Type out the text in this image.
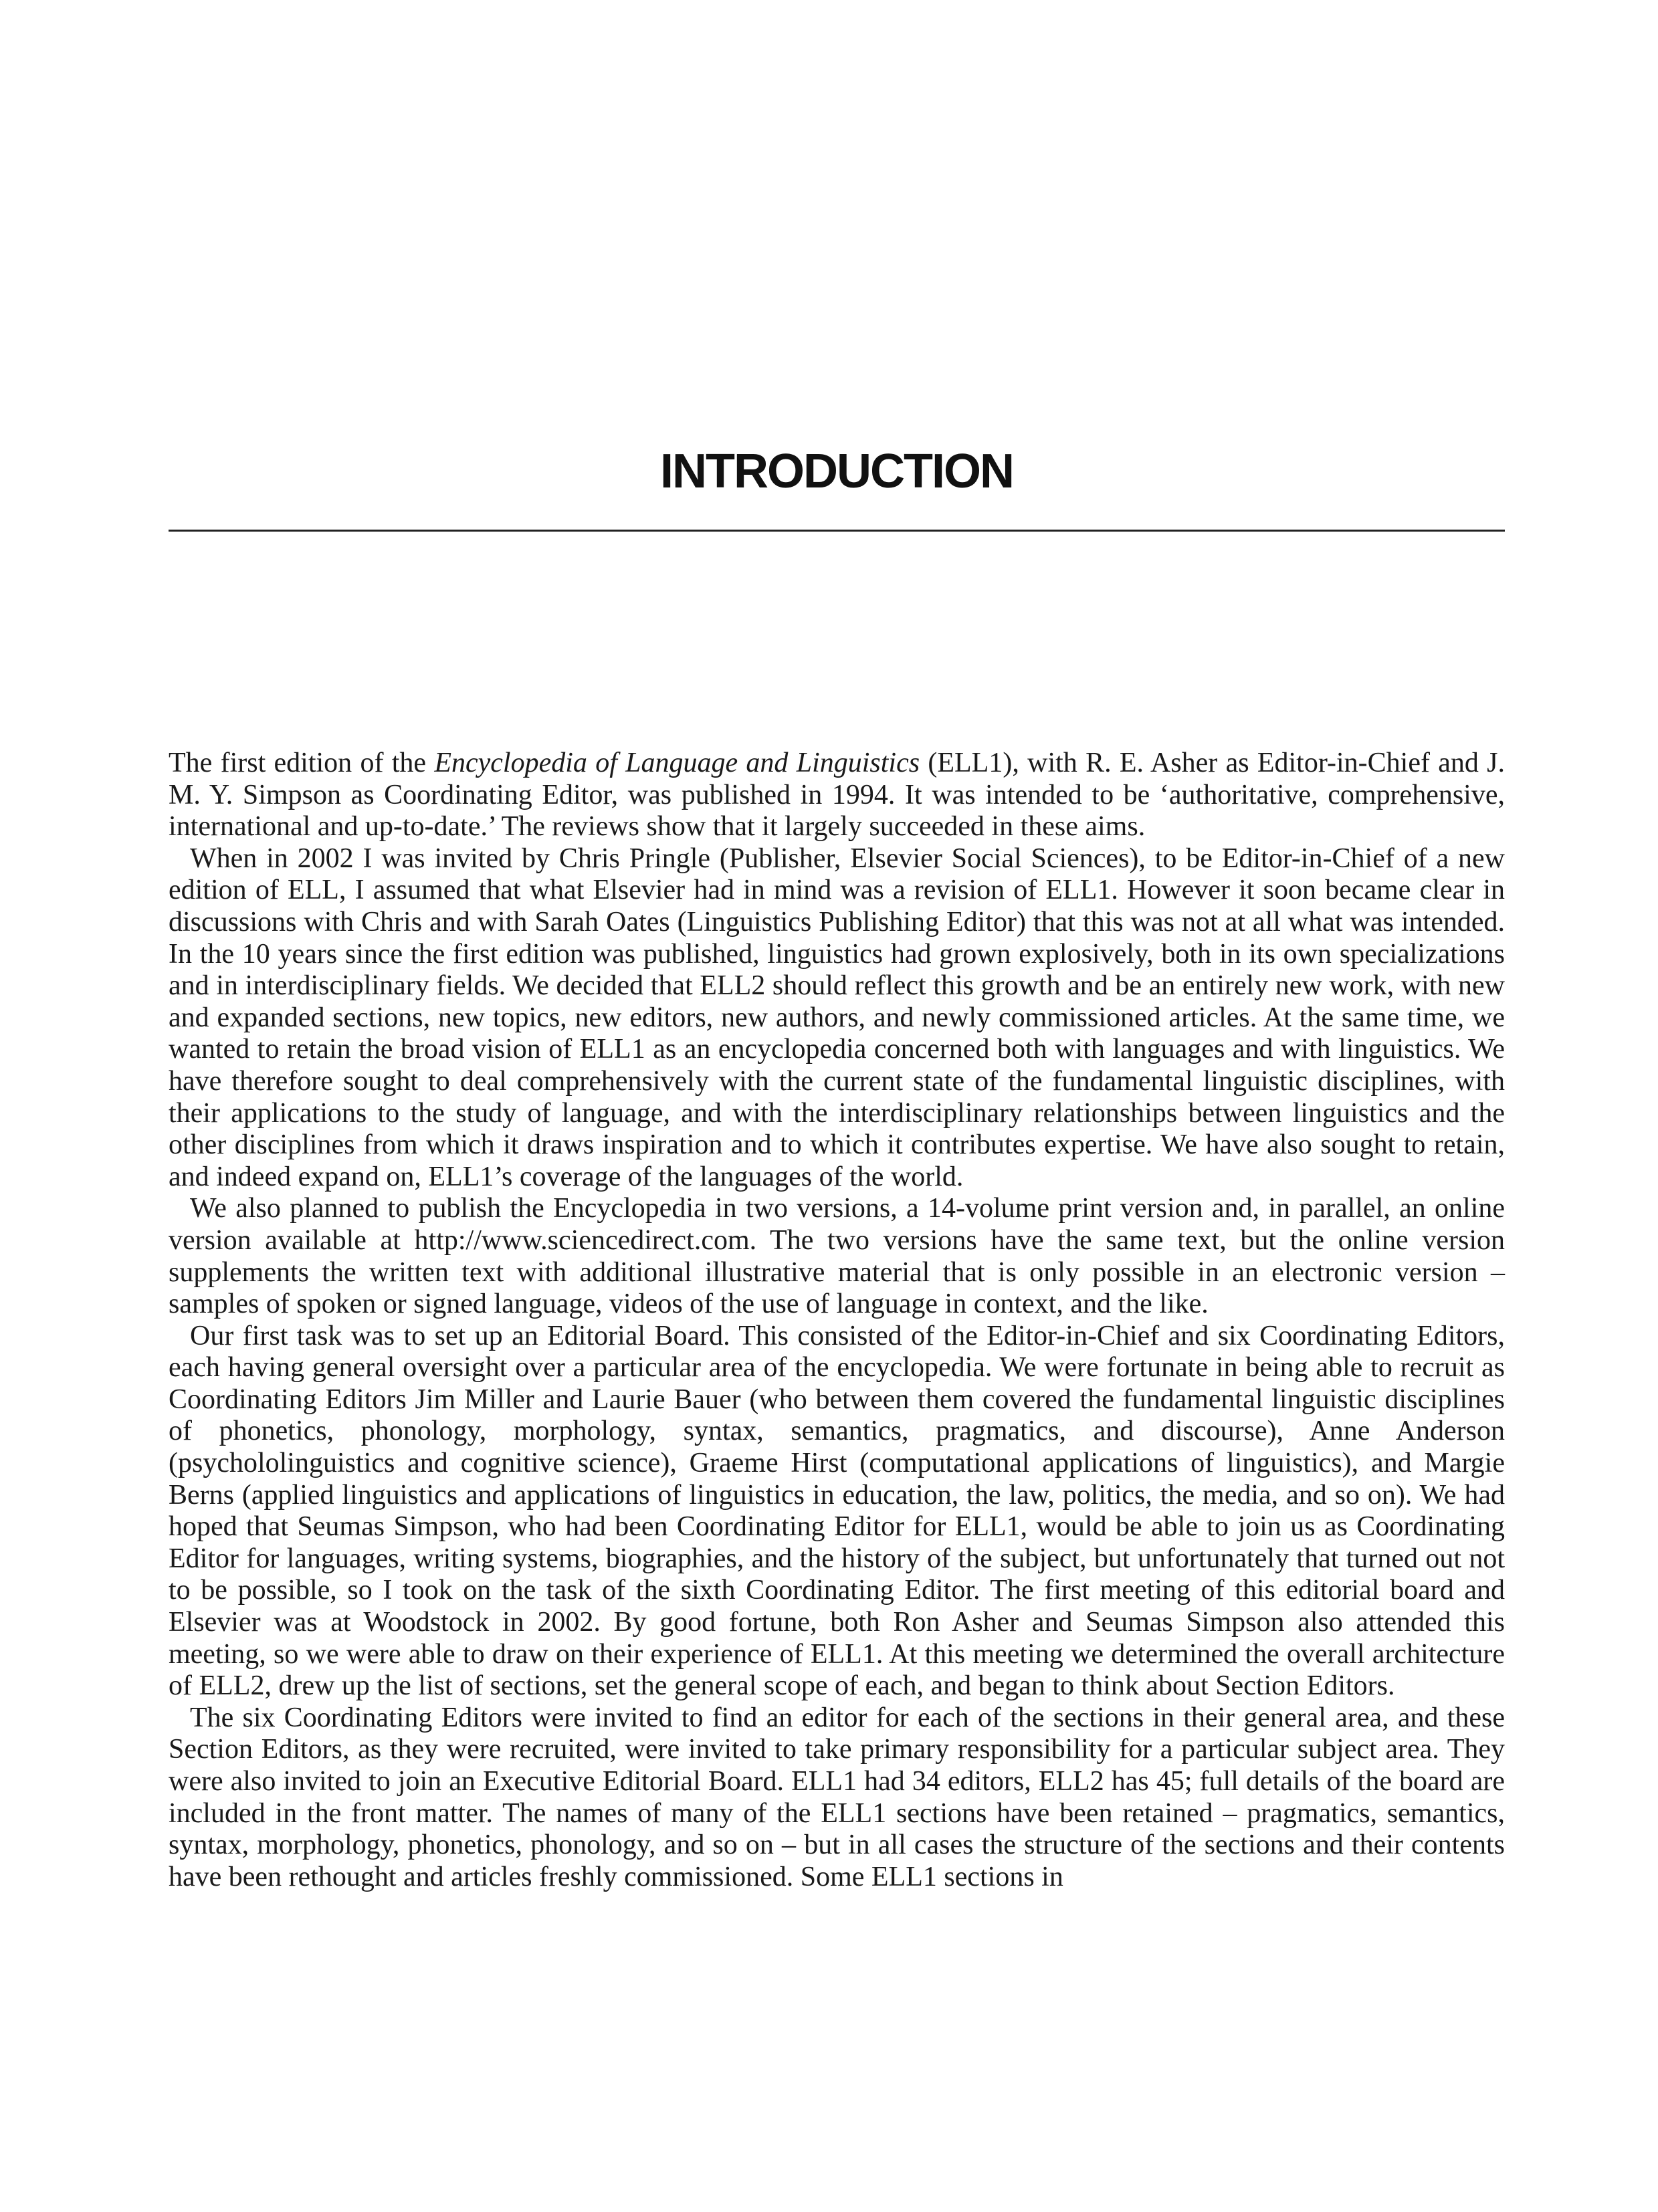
INTRODUCTION

The first edition of the Encyclopedia of Language and Linguistics (ELL1), with R. E. Asher as Editor-in-Chief and J. M. Y. Simpson as Coordinating Editor, was published in 1994. It was intended to be ‘authoritative, comprehensive, international and up-to-date.’ The reviews show that it largely succeeded in these aims.

When in 2002 I was invited by Chris Pringle (Publisher, Elsevier Social Sciences), to be Editor-in-Chief of a new edition of ELL, I assumed that what Elsevier had in mind was a revision of ELL1. However it soon became clear in discussions with Chris and with Sarah Oates (Linguistics Publishing Editor) that this was not at all what was intended. In the 10 years since the first edition was published, linguistics had grown explosively, both in its own specializations and in interdisciplinary fields. We decided that ELL2 should reflect this growth and be an entirely new work, with new and expanded sections, new topics, new editors, new authors, and newly commissioned articles. At the same time, we wanted to retain the broad vision of ELL1 as an encyclopedia concerned both with languages and with linguistics. We have therefore sought to deal comprehensively with the current state of the fundamental linguistic disciplines, with their applications to the study of language, and with the interdisciplinary relationships between linguistics and the other disciplines from which it draws inspiration and to which it contributes expertise. We have also sought to retain, and indeed expand on, ELL1’s coverage of the languages of the world.

We also planned to publish the Encyclopedia in two versions, a 14-volume print version and, in parallel, an online version available at http://www.sciencedirect.com. The two versions have the same text, but the online version supplements the written text with additional illustrative material that is only possible in an electronic version – samples of spoken or signed language, videos of the use of language in context, and the like.

Our first task was to set up an Editorial Board. This consisted of the Editor-in-Chief and six Coordinating Editors, each having general oversight over a particular area of the encyclopedia. We were fortunate in being able to recruit as Coordinating Editors Jim Miller and Laurie Bauer (who between them covered the fundamental linguistic disciplines of phonetics, phonology, morphology, syntax, semantics, pragmatics, and discourse), Anne Anderson (psychololinguistics and cognitive science), Graeme Hirst (computational applications of linguistics), and Margie Berns (applied linguistics and applications of linguistics in education, the law, politics, the media, and so on). We had hoped that Seumas Simpson, who had been Coordinating Editor for ELL1, would be able to join us as Coordinating Editor for languages, writing systems, biographies, and the history of the subject, but unfortunately that turned out not to be possible, so I took on the task of the sixth Coordinating Editor. The first meeting of this editorial board and Elsevier was at Woodstock in 2002. By good fortune, both Ron Asher and Seumas Simpson also attended this meeting, so we were able to draw on their experience of ELL1. At this meeting we determined the overall architecture of ELL2, drew up the list of sections, set the general scope of each, and began to think about Section Editors.

The six Coordinating Editors were invited to find an editor for each of the sections in their general area, and these Section Editors, as they were recruited, were invited to take primary responsibility for a particular subject area. They were also invited to join an Executive Editorial Board. ELL1 had 34 editors, ELL2 has 45; full details of the board are included in the front matter. The names of many of the ELL1 sections have been retained – pragmatics, semantics, syntax, morphology, phonetics, phonology, and so on – but in all cases the structure of the sections and their contents have been rethought and articles freshly commissioned. Some ELL1 sections in
